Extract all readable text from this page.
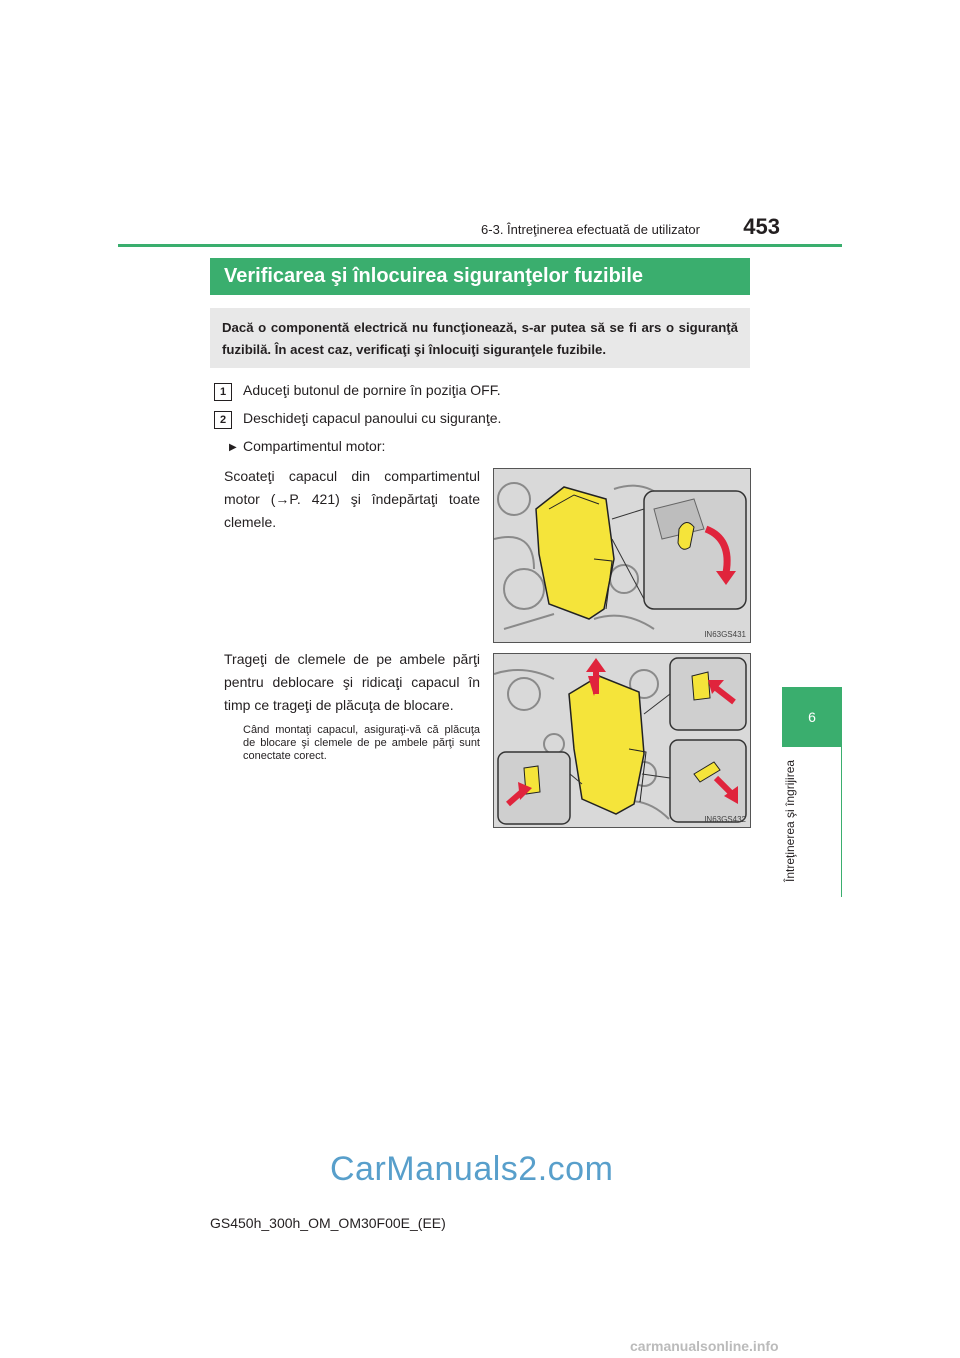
6-3. Întreţinerea efectuată de utilizator	453
6
Întreţinerea şi îngrijirea
Verificarea şi înlocuirea siguranţelor fuzibile
Dacă o componentă electrică nu funcţionează, s-ar putea să se fi ars o siguranţă fuzibilă. În acest caz, verificaţi şi înlocuiţi siguranţele fuzibile.
1	Aduceţi butonul de pornire în poziţia OFF.
2	Deschideţi capacul panoului cu siguranţe.
▶ Compartimentul motor:
Scoateţi capacul din compartimentul motor (→P. 421) şi îndepărtaţi toate clemele.
IN63GS431
Trageţi de clemele de pe ambele părţi pentru deblocare şi ridicaţi capacul în timp ce trageţi de plăcuţa de blocare.
Când montaţi capacul, asiguraţi-vă că plăcuţa de blocare şi clemele de pe ambele părţi sunt conectate corect.
IN63GS432
CarManuals2.com
GS450h_300h_OM_OM30F00E_(EE)
carmanualsonline.info
